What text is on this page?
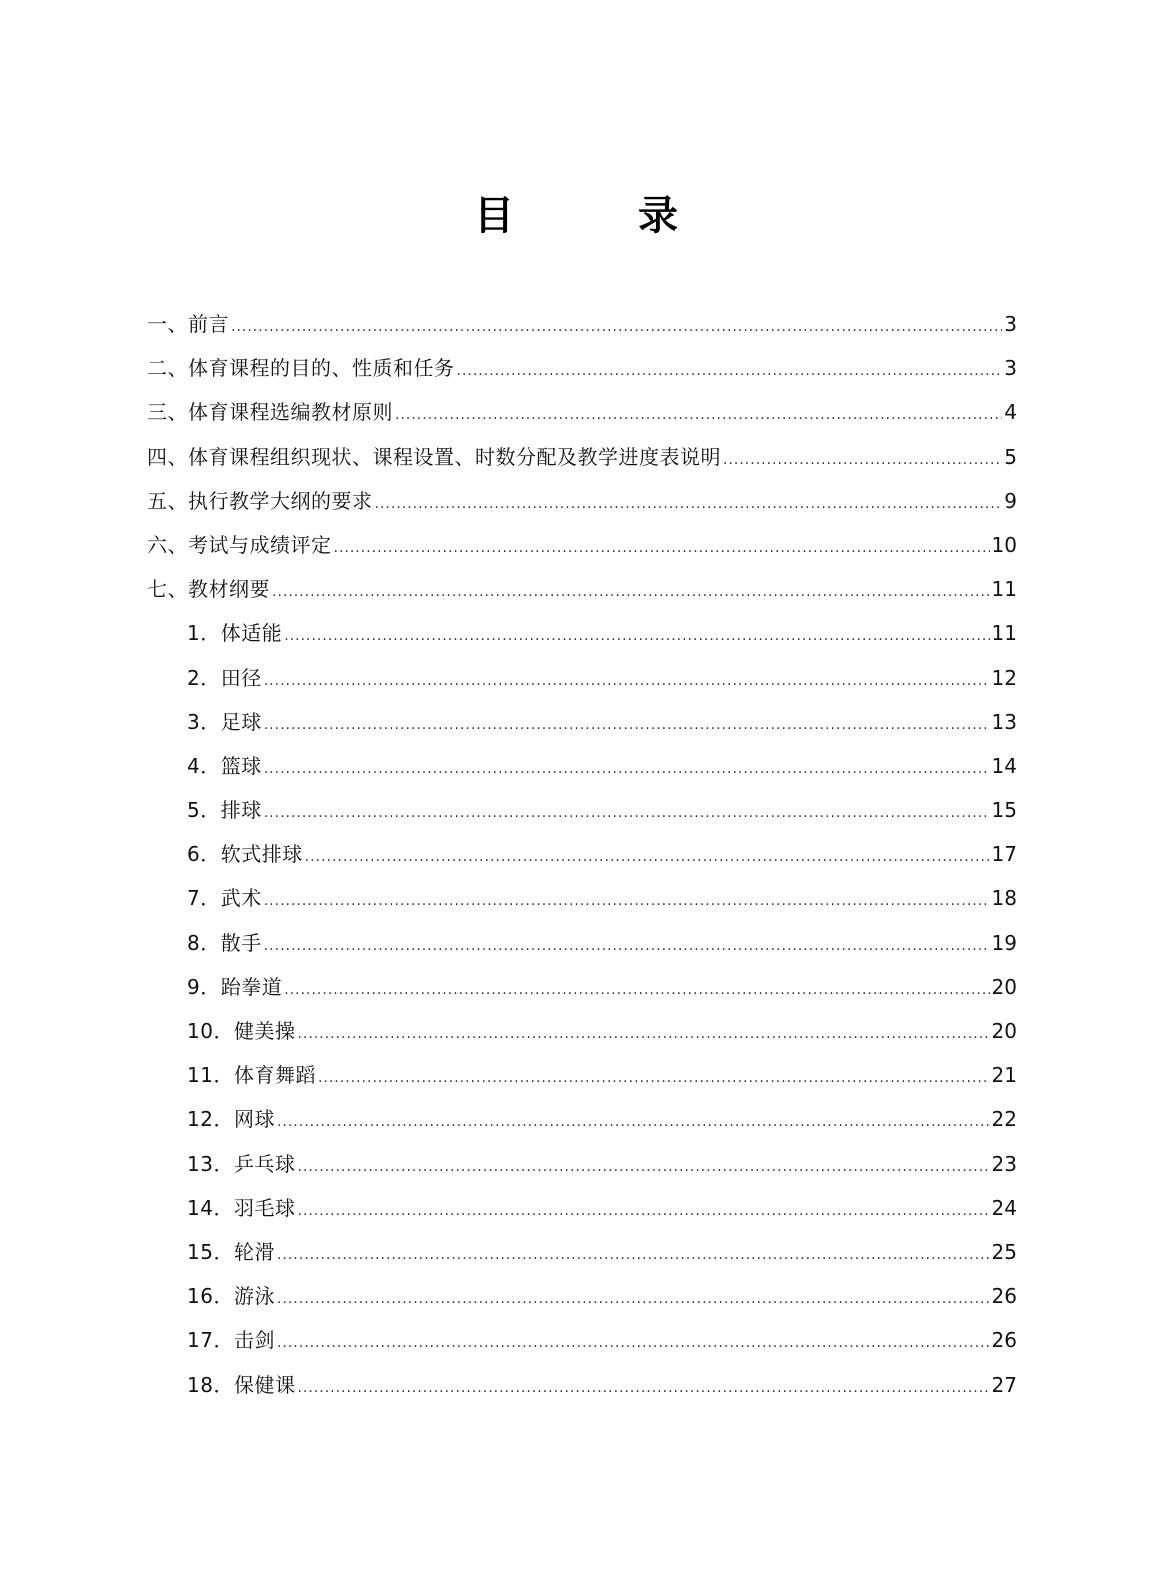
目　录
一、前言 .....	3
二、体育课程的目的、性质和任务 .....	3
三、体育课程选编教材原则 .....	4
四、体育课程组织现状、课程设置、时数分配及教学进度表说明 .....	5
五、执行教学大纲的要求 .....	9
六、考试与成绩评定 .....	10
七、教材纲要 .....	11
1．体适能 .....	11
2．田径 .....	12
3．足球 .....	13
4．篮球 .....	14
5．排球 .....	15
6．软式排球 .....	17
7．武术 .....	18
8．散手 .....	19
9．跆拳道 .....	20
10．健美操 .....	20
11．体育舞蹈 .....	21
12．网球 .....	22
13．乒乓球 .....	23
14．羽毛球 .....	24
15．轮滑 .....	25
16．游泳 .....	26
17．击剑 .....	26
18．保健课 .....	27
